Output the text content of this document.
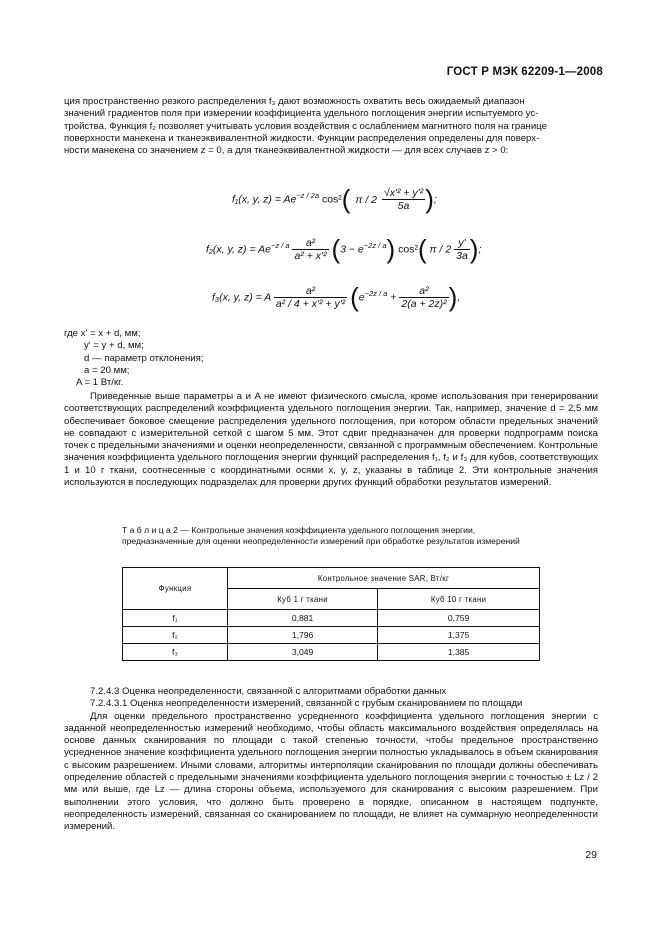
ГОСТ Р МЭК 62209-1—2008

ция пространственно резкого распределения f₃ дают возможность охватить весь ожидаемый диапазон

значений градиентов поля при измерении коэффициента удельного поглощения энергии испытуемого ус-

тройства. Функция f₂ позволяет учитывать условия воздействия с ослаблением магнитного поля на границе

поверхности манекена и тканеэквивалентной жидкости. Функции распределения определены для поверх-

ности манекена со значением z = 0, а для тканеэквивалентной жидкости — для всех случаев z > 0:

f₁(x, y, $z) = Ae^{-z / 2a}$ cos²( π / 2
$\frac{\text{√x'² + y'²}}{5a}$ );
f₂(x, y, $z) = Ae^{-z / a} \frac{\text{a²}}{\text{a² + x'²}} (3 - e^{-2z / a})$ cos²( π / $2 \frac{y'}{3a}$ );
f₃(x, y, z) = A $\frac{\text{a²}}{\text{a² / 4 + x'² + y'²}} (e^{-2z / a} + \frac{\text{a²}}{\text{2(a + 2z)²}}$ ),
где x' = x + d, мм;
y' = y + d, мм;
d — параметр отклонения;
a = 20 мм;
A = 1 Вт/кг.

Приведенные выше параметры a и A не имеют физического смысла, кроме использования при генерировании соответствующих распределений коэффициента удельного поглощения энергии. Так, например, значение d = 2,5 мм обеспечивает боковое смещение распределения удельного поглощения, при котором области предельных значений не совпадают с измерительной сеткой с шагом 5 мм. Этот сдвиг предназначен для проверки подпрограмм поиска точек с предельными значениями и оценки неопределенности, связанной с программным обеспечением. Контрольные значения коэффициента удельного поглощения энергии функций распределения f₁, f₂ и f₃ для кубов, соответствующих 1 и 10 г ткани, соотнесенные с координатными осями x, y, z, указаны в таблице 2. Эти контрольные значения используются в последующих подразделах для проверки других функций обработки результатов измерений.

Т а б л и ц а 2 — Контрольные значения коэффициента удельного поглощения энергии, предназначенные для оценки неопределенности измерений при обработке результатов измерений
Функция	Контрольное значение SAR, Вт/кг	
	Куб 1 г ткани	Куб 10 г ткани
f₁	0,881	0,759
f₂	1,796	1,375
f₃	3,049	1,385

7.2.4.3 Оценка неопределенности, связанной с алгоритмами обработки данных

7.2.4.3.1 Оценка неопределенности измерений, связанной с грубым сканированием по площади

Для оценки предельного пространственно усредненного коэффициента удельного поглощения энергии с заданной неопределенностью измерений необходимо, чтобы область максимального воздействия определялась на основе данных сканирования по площади с такой степенью точности, чтобы предельное пространственно усредненное значение коэффициента удельного поглощения энергии полностью укладывалось в объем сканирования с высоким разрешением. Иными словами, алгоритмы интерполяции сканирования по площади должны обеспечивать определение областей с предельными значениями коэффициента удельного поглощения энергии с точностью ± Lz / 2 мм или выше, где Lz — длина стороны объема, используемого для сканирования с высоким разрешением. При выполнении этого условия, что должно быть проверено в порядке, описанном в настоящем подпункте, неопределенность измерений, связанная со сканированием по площади, не влияет на суммарную неопределенности измерений.

29
